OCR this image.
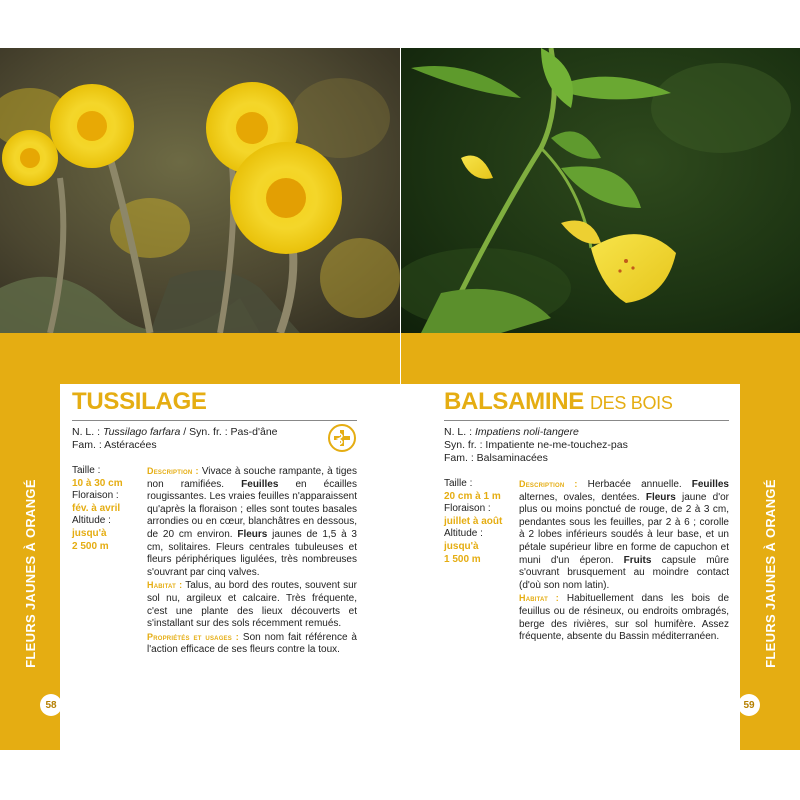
FLEURS JAUNES À ORANGÉ
58
TUSSILAGE
N. L. : Tussilago farfara / Syn. fr. : Pas-d'âne
Fam. : Astéracées
Taille :
10 à 30 cm
Floraison :
fév. à avril
Altitude :
jusqu'à
2 500 m

Description : Vivace à souche rampante, à tiges non ramifiées. Feuilles en écailles rougissantes. Les vraies feuilles n'apparaissent qu'après la floraison ; elles sont toutes basales arrondies ou en cœur, blanchâtres en dessous, de 20 cm environ. Fleurs jaunes de 1,5 à 3 cm, solitaires. Fleurs centrales tubuleuses et fleurs périphériques ligulées, très nombreuses s'ouvrant par cinq valves.

Habitat : Talus, au bord des routes, souvent sur sol nu, argileux et calcaire. Très fréquente, c'est une plante des lieux découverts et s'installant sur des sols récemment remués.

Propriétés et usages : Son nom fait référence à l'action efficace de ses fleurs contre la toux.	FLEURS JAUNES À ORANGÉ
59
BALSAMINE DES BOIS
N. L. : Impatiens noli-tangere
Syn. fr. : Impatiente ne-me-touchez-pas
Fam. : Balsaminacées
Taille :
20 cm à 1 m
Floraison :
juillet à août
Altitude :
jusqu'à
1 500 m

Description : Herbacée annuelle. Feuilles alternes, ovales, dentées. Fleurs jaune d'or plus ou moins ponctué de rouge, de 2 à 3 cm, pendantes sous les feuilles, par 2 à 6 ; corolle à 2 lobes inférieurs soudés à leur base, et un pétale supérieur libre en forme de capuchon et muni d'un éperon. Fruits capsule mûre s'ouvrant brusquement au moindre contact (d'où son nom latin).

Habitat : Habituellement dans les bois de feuillus ou de résineux, ou endroits ombragés, berge des rivières, sur sol humifère. Assez fréquente, absente du Bassin méditerranéen.
